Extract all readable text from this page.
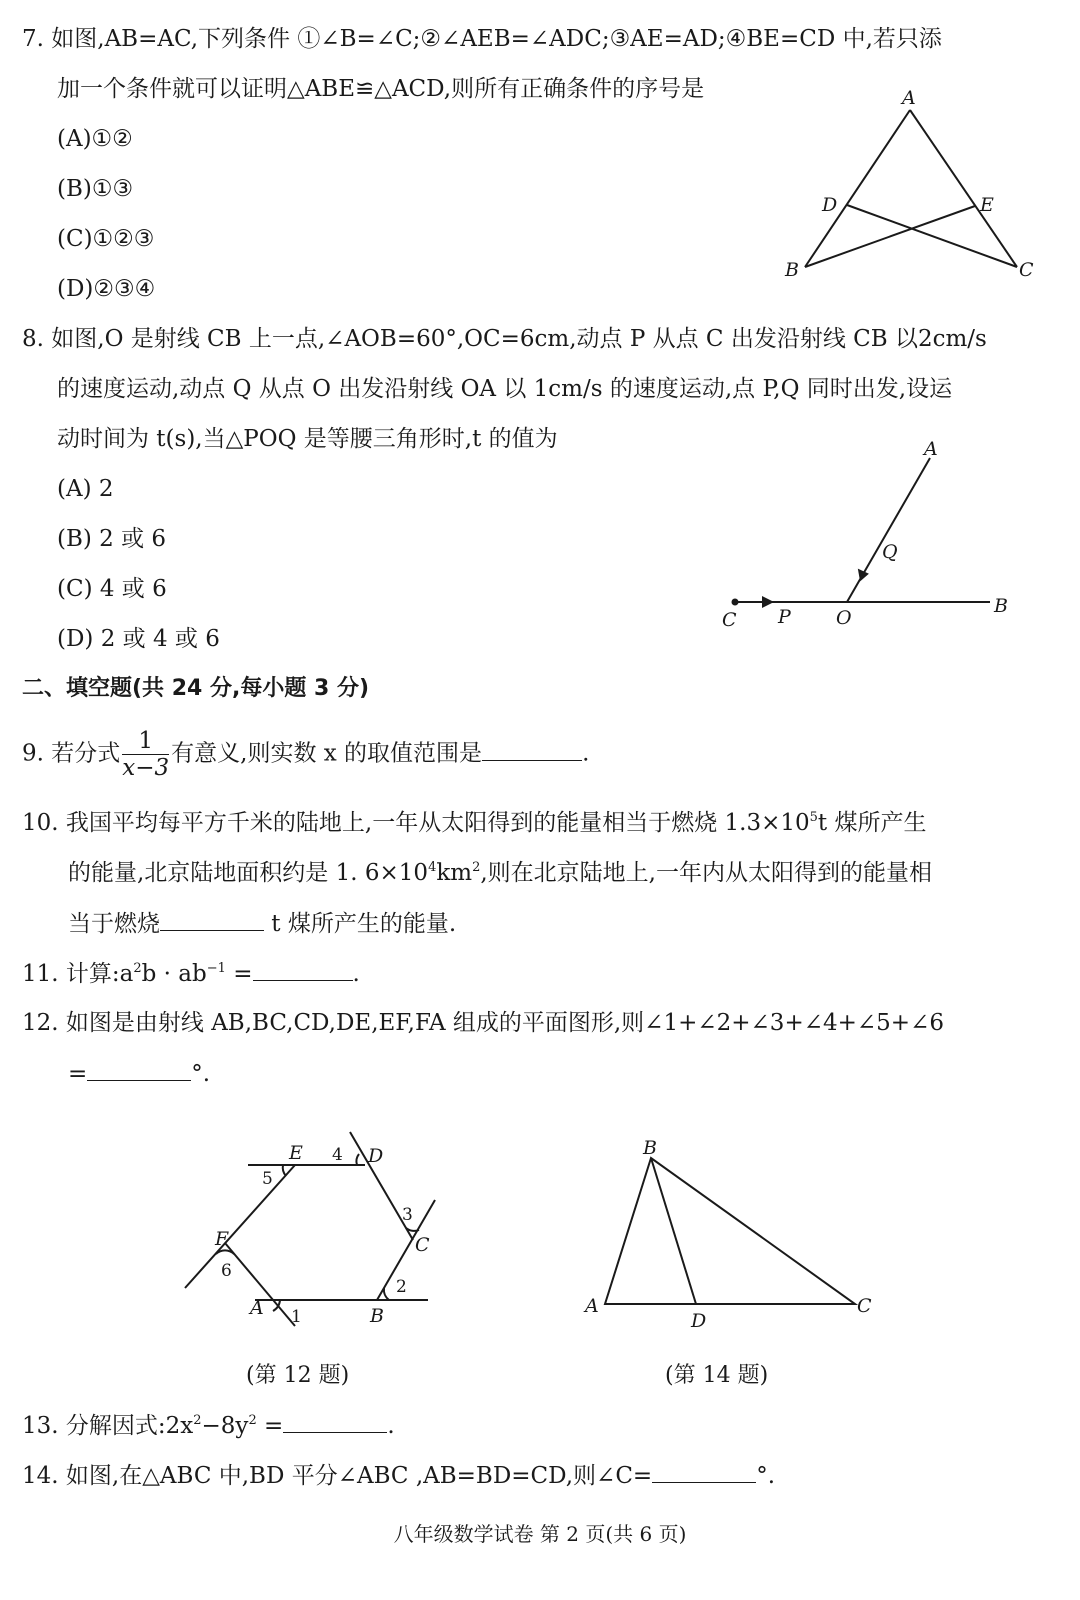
7. 如图,AB=AC,下列条件 ①∠B=∠C;②∠AEB=∠ADC;③AE=AD;④BE=CD 中,若只添
加一个条件就可以证明△ABE≌△ACD,则所有正确条件的序号是
(A)①②
(B)①③
(C)①②③
(D)②③④
A
B	C
D	E
8. 如图,O 是射线 CB 上一点,∠AOB=60°,OC=6cm,动点 P 从点 C 出发沿射线 CB 以2cm/s
的速度运动,动点 Q 从点 O 出发沿射线 OA 以 1cm/s 的速度运动,点 P,Q 同时出发,设运
动时间为 t(s),当△POQ 是等腰三角形时,t 的值为
(A) 2
(B) 2 或 6
(C) 4 或 6
(D) 2 或 4 或 6
A
Q
C P O
B
二、填空题(共 24 分,每小题 3 分)
9. 若分式 $\frac{1}{x-3}$ 有意义,则实数 x 的取值范围是	.
10. 我国平均每平方千米的陆地上,一年从太阳得到的能量相当于燃烧 $1.3\times 10^5t$ 煤所产生
的能量,北京陆地面积约是 1. $6\times 10^4km^2$,则在北京陆地上,一年内从太阳得到的能量相
当于燃烧	t 煤所产生的能量.
11. 计算$:a^2b \cdot ab^{-1}$ =	.
12. 如图是由射线 AB,BC,CD,DE,EF,FA 组成的平面图形,则∠1+∠2+∠3+∠4+∠5+∠6
=	°.
A	B
C
D
E
F
1
2
3
4
5
6
(第 12 题)
B
A
D
C
(第 14 题)
13. 分解因式$:2x^2-8y^2$ =	.
14. 如图,在△ABC 中,BD 平分∠ABC ,AB=BD=CD,则∠C=	°.
八年级数学试卷 第 2 页(共 6 页)
